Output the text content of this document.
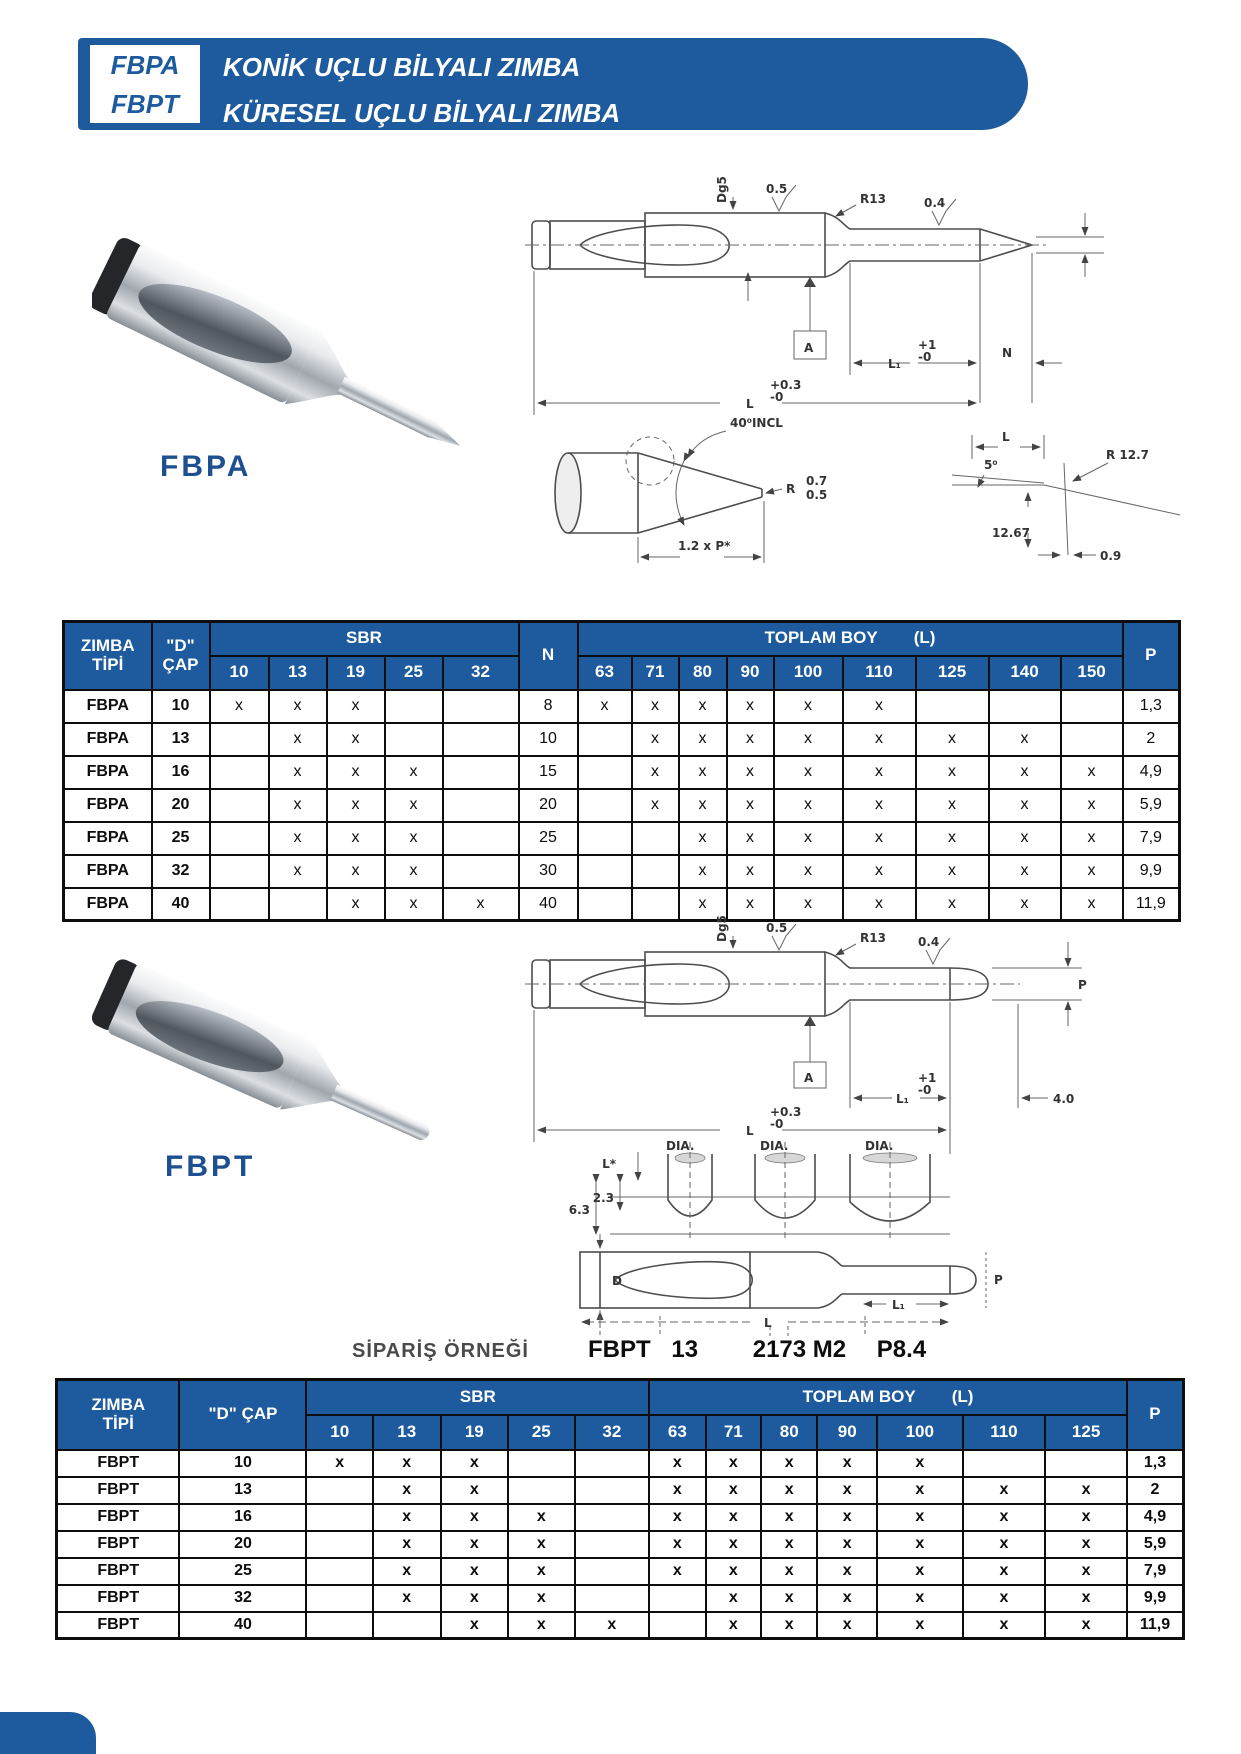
FBPA
FBPT
KONİK UÇLU BİLYALI ZIMBA
KÜRESEL UÇLU BİLYALI ZIMBA
FBPA
Dg5	0.5
R13	0.4
A
L₁
+1
-0	N
L
+0.3
-0
40⁰INCL
R
0.7
0.5
1.2 x P*
L
5⁰
12.67
R 12.7
0.9
ZIMBA
TİPİ

"D"
ÇAP
	SBR	N	TOPLAM BOY (L)	P
		10	13	19	25	32		63	71	80	90	100	110	125	140	150	
FBPA	10	x	x	x			8	x	x	x	x	x	x				1,3
FBPA	13		x	x			10		x	x	x	x	x	x	x		2
FBPA	16		x	x	x		15		x	x	x	x	x	x	x	x	4,9
FBPA	20		x	x	x		20		x	x	x	x	x	x	x	x	5,9
FBPA	25		x	x	x		25			x	x	x	x	x	x	x	7,9
FBPA	32		x	x	x		30			x	x	x	x	x	x	x	9,9
FBPA	40			x	x	x	40			x	x	x	x	x	x	x	11,9
FBPT
Dg5	0.5
R13	0.4
P
A
L₁
+1
-0
4.0
L
+0.3
-0
DIA.	DIA.	DIA.
L*
2.3
6.3
D	P
L₁
L
SİPARİŞ ÖRNEĞİ FBPT 13 2173 M2 P8.4
ZIMBA
TİPİ	"D" ÇAP	SBR					TOPLAM BOY (L)							P
		10	13	19	25	32	63	71	80	90	100	110	125	
FBPT	10	x	x	x			x	x	x	x	x			1,3
FBPT	13		x	x			x	x	x	x	x	x	x	2
FBPT	16		x	x	x		x	x	x	x	x	x	x	4,9
FBPT	20		x	x	x		x	x	x	x	x	x	x	5,9
FBPT	25		x	x	x		x	x	x	x	x	x	x	7,9
FBPT	32		x	x	x			x	x	x	x	x	x	9,9
FBPT	40			x	x	x		x	x	x	x	x	x	11,9
